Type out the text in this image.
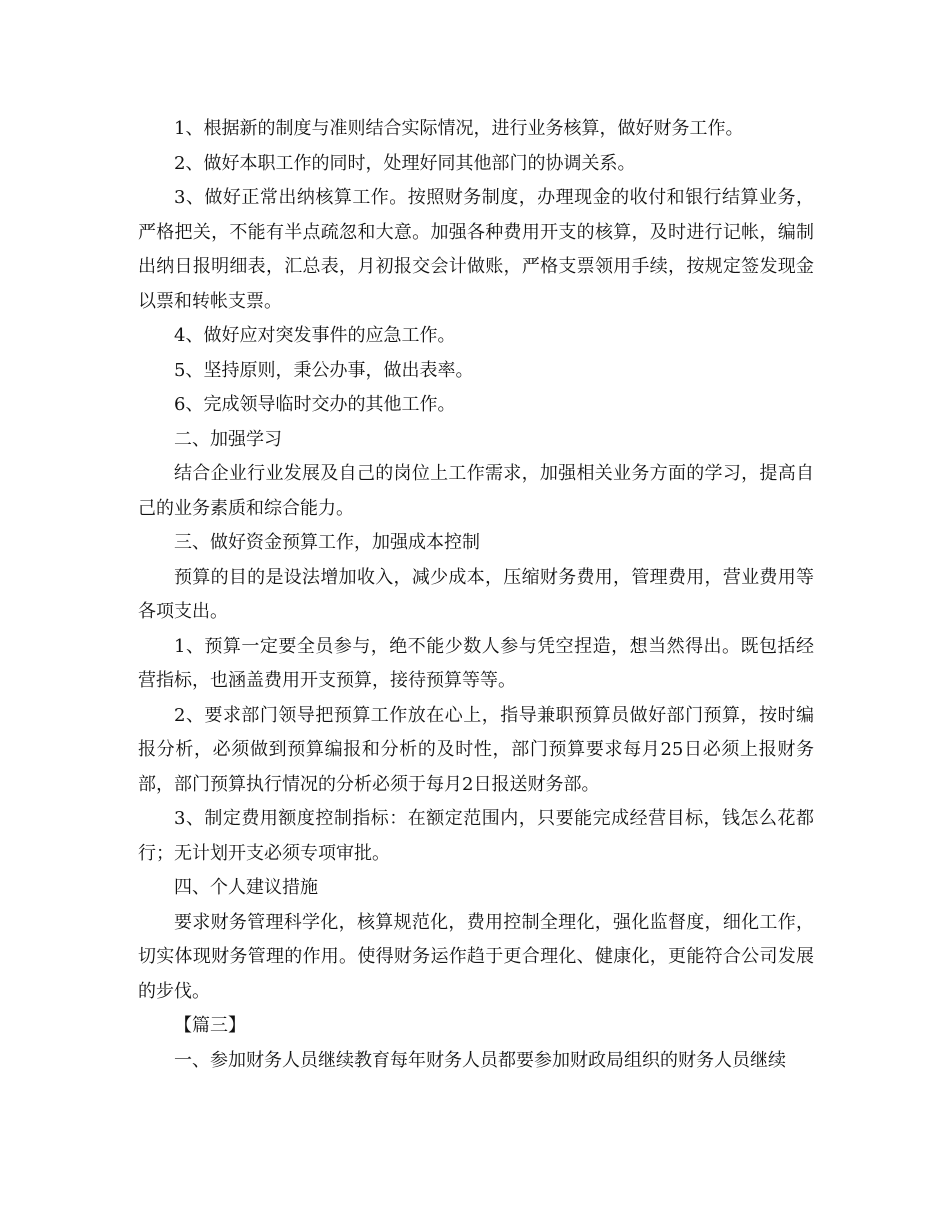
1、根据新的制度与准则结合实际情况，进行业务核算，做好财务工作。

2、做好本职工作的同时，处理好同其他部门的协调关系。

3、做好正常出纳核算工作。按照财务制度，办理现金的收付和银行结算业务，严格把关，不能有半点疏忽和大意。加强各种费用开支的核算，及时进行记帐，编制出纳日报明细表，汇总表，月初报交会计做账，严格支票领用手续，按规定签发现金以票和转帐支票。

4、做好应对突发事件的应急工作。

5、坚持原则，秉公办事，做出表率。

6、完成领导临时交办的其他工作。

二、加强学习

结合企业行业发展及自己的岗位上工作需求，加强相关业务方面的学习，提高自己的业务素质和综合能力。

三、做好资金预算工作，加强成本控制

预算的目的是设法增加收入，减少成本，压缩财务费用，管理费用，营业费用等各项支出。

1、预算一定要全员参与，绝不能少数人参与凭空捏造，想当然得出。既包括经营指标，也涵盖费用开支预算，接待预算等等。

2、要求部门领导把预算工作放在心上，指导兼职预算员做好部门预算，按时编报分析，必须做到预算编报和分析的及时性，部门预算要求每月25日必须上报财务部，部门预算执行情况的分析必须于每月2日报送财务部。

3、制定费用额度控制指标：在额定范围内，只要能完成经营目标，钱怎么花都行；无计划开支必须专项审批。

四、个人建议措施

要求财务管理科学化，核算规范化，费用控制全理化，强化监督度，细化工作，切实体现财务管理的作用。使得财务运作趋于更合理化、健康化，更能符合公司发展的步伐。

【篇三】

一、参加财务人员继续教育每年财务人员都要参加财政局组织的财务人员继续
